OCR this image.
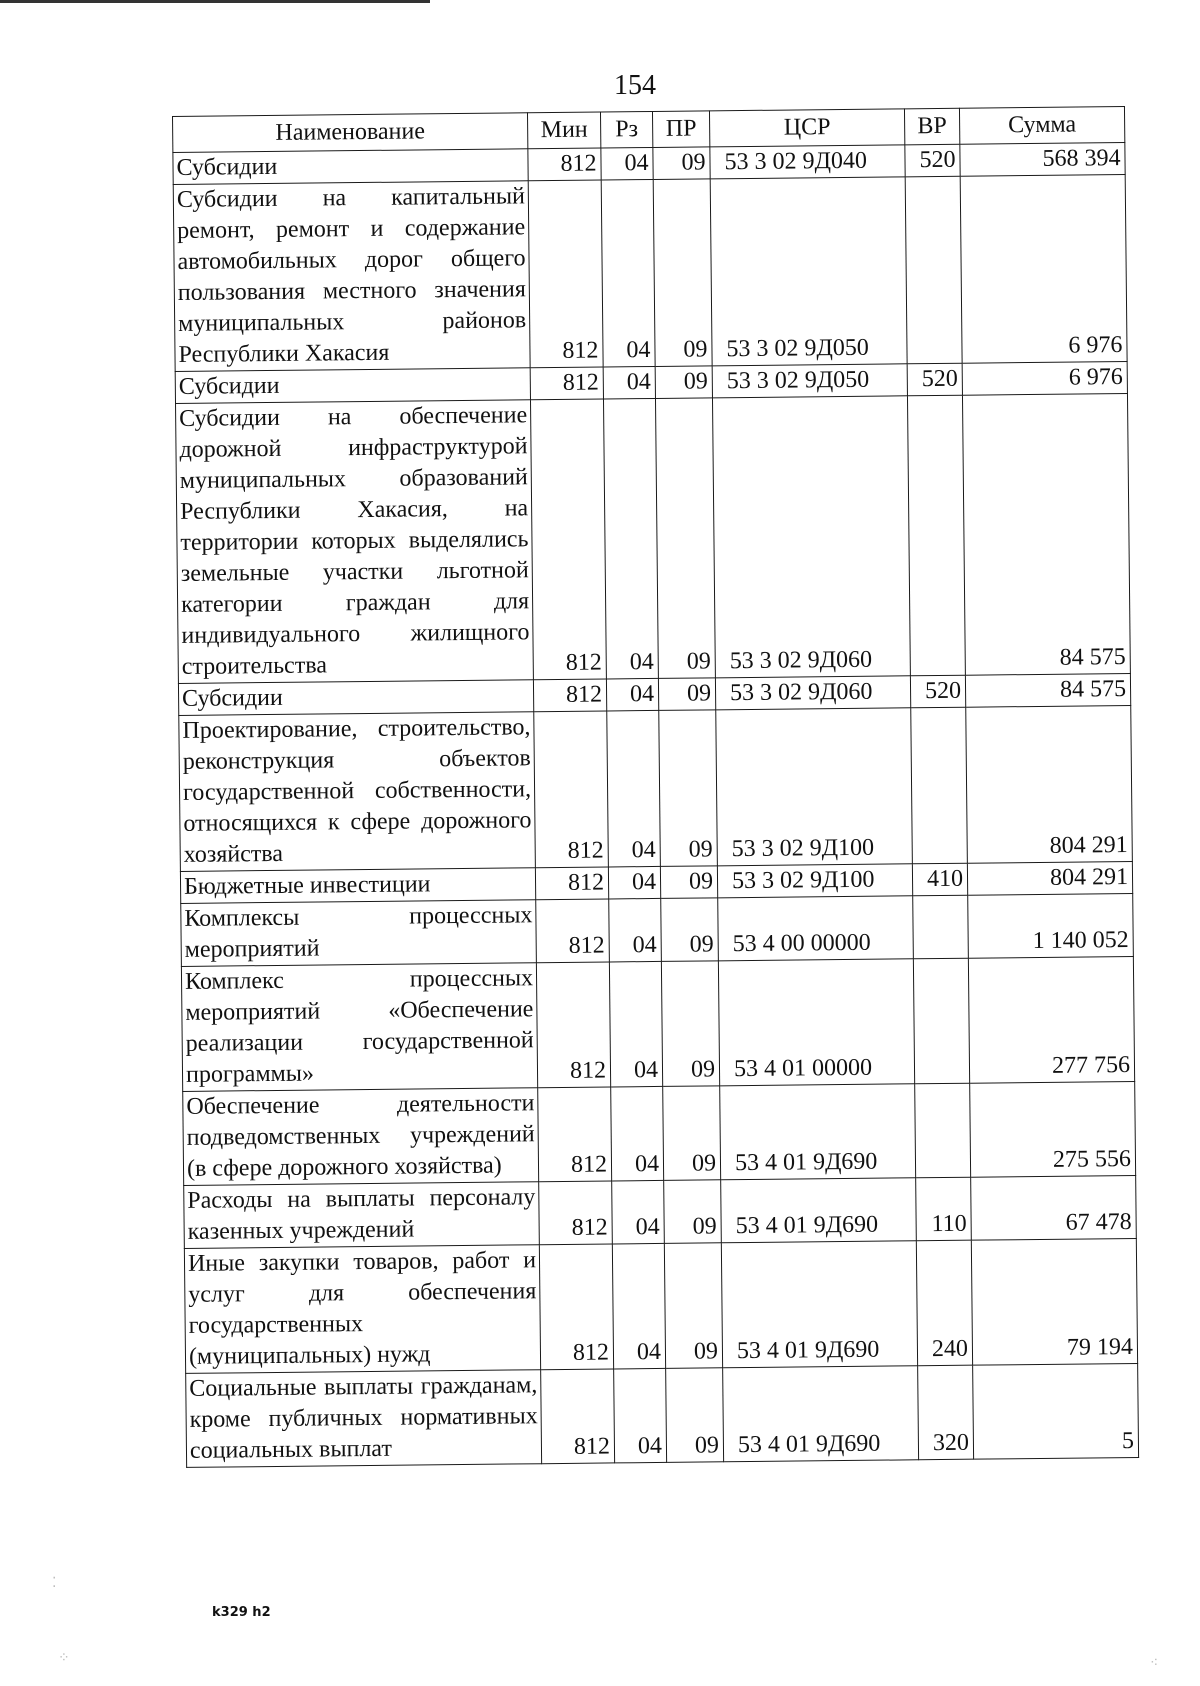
154
Наименование	Мин	Рз	ПР	ЦСР	ВР	Сумма
Субсидии	812	04	09	53 3 02 9Д040	520	568 394
Субсидии на капитальный ремонт, ремонт и содержание автомобильных дорог общего пользования местного значения муниципальных районов Республики Хакасия	812	04	09	53 3 02 9Д050		6 976
Субсидии	812	04	09	53 3 02 9Д050	520	6 976
Субсидии на обеспечение дорожной инфраструктурой муниципальных образований Республики Хакасия, на территории которых выделялись земельные участки льготной категории граждан для индивидуального жилищного строительства	812	04	09	53 3 02 9Д060		84 575
Субсидии	812	04	09	53 3 02 9Д060	520	84 575
Проектирование, строительство, реконструкция объектов государственной собственности, относящихся к сфере дорожного хозяйства	812	04	09	53 3 02 9Д100		804 291
Бюджетные инвестиции	812	04	09	53 3 02 9Д100	410	804 291
Комплексы процессных мероприятий	812	04	09	53 4 00 00000		1 140 052
Комплекс процессных мероприятий «Обеспечение реализации государственной программы»	812	04	09	53 4 01 00000		277 756
Обеспечение деятельности подведомственных учреждений (в сфере дорожного хозяйства)	812	04	09	53 4 01 9Д690		275 556
Расходы на выплаты персоналу казенных учреждений	812	04	09	53 4 01 9Д690	110	67 478
Иные закупки товаров, работ и услуг для обеспечения государственных (муниципальных) нужд	812	04	09	53 4 01 9Д690	240	79 194
Социальные выплаты гражданам, кроме публичных нормативных социальных выплат	812	04	09	53 4 01 9Д690	320	5
k329 h2
⁚
⁘	⁖
